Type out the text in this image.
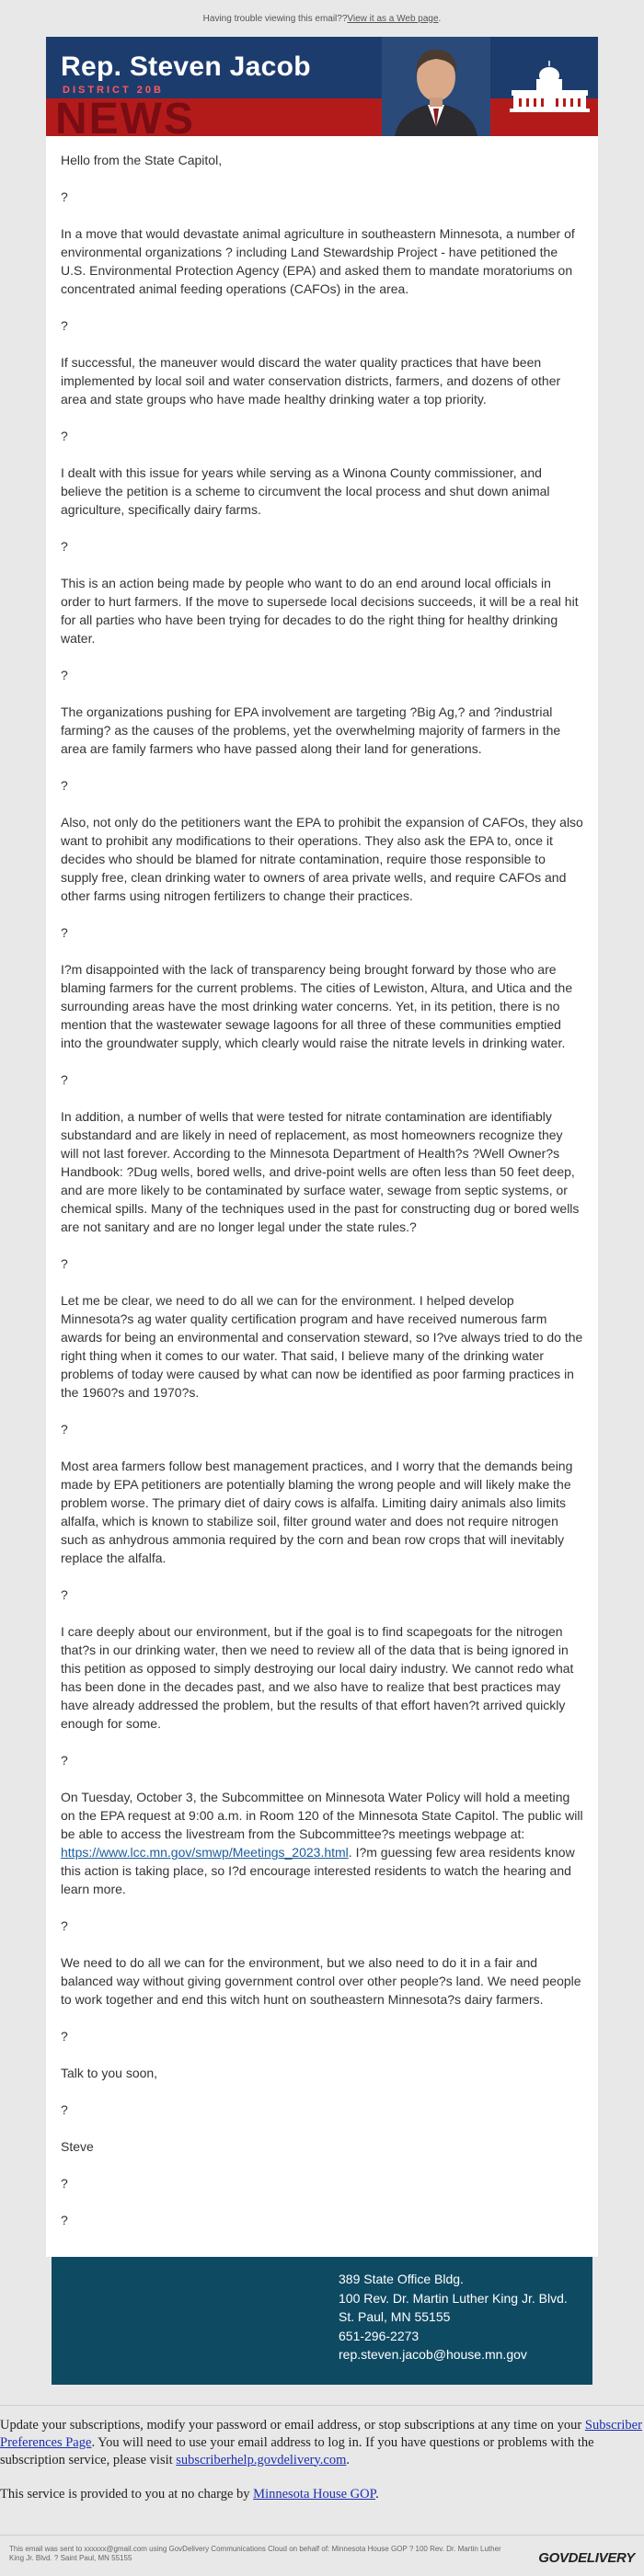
Having trouble viewing this email?? View it as a Web page .
Rep. Steven Jacob
DISTRICT 20B
NEWS

Hello from the State Capitol,

?

In a move that would devastate animal agriculture in southeastern Minnesota, a number of environmental organizations ? including Land Stewardship Project - have petitioned the U.S. Environmental Protection Agency (EPA) and asked them to mandate moratoriums on concentrated animal feeding operations (CAFOs) in the area.

?

If successful, the maneuver would discard the water quality practices that have been implemented by local soil and water conservation districts, farmers, and dozens of other area and state groups who have made healthy drinking water a top priority.

?

I dealt with this issue for years while serving as a Winona County commissioner, and believe the petition is a scheme to circumvent the local process and shut down animal agriculture, specifically dairy farms.

?

This is an action being made by people who want to do an end around local officials in order to hurt farmers. If the move to supersede local decisions succeeds, it will be a real hit for all parties who have been trying for decades to do the right thing for healthy drinking water.

?

The organizations pushing for EPA involvement are targeting ?Big Ag,? and ?industrial farming? as the causes of the problems, yet the overwhelming majority of farmers in the area are family farmers who have passed along their land for generations.

?

Also, not only do the petitioners want the EPA to prohibit the expansion of CAFOs, they also want to prohibit any modifications to their operations. They also ask the EPA to, once it decides who should be blamed for nitrate contamination, require those responsible to supply free, clean drinking water to owners of area private wells, and require CAFOs and other farms using nitrogen fertilizers to change their practices.

?

I?m disappointed with the lack of transparency being brought forward by those who are blaming farmers for the current problems. The cities of Lewiston, Altura, and Utica and the surrounding areas have the most drinking water concerns. Yet, in its petition, there is no mention that the wastewater sewage lagoons for all three of these communities emptied into the groundwater supply, which clearly would raise the nitrate levels in drinking water.

?

In addition, a number of wells that were tested for nitrate contamination are identifiably substandard and are likely in need of replacement, as most homeowners recognize they will not last forever. According to the Minnesota Department of Health?s ?Well Owner?s Handbook: ?Dug wells, bored wells, and drive-point wells are often less than 50 feet deep, and are more likely to be contaminated by surface water, sewage from septic systems, or chemical spills. Many of the techniques used in the past for constructing dug or bored wells are not sanitary and are no longer legal under the state rules.?

?

Let me be clear, we need to do all we can for the environment. I helped develop Minnesota?s ag water quality certification program and have received numerous farm awards for being an environmental and conservation steward, so I?ve always tried to do the right thing when it comes to our water. That said, I believe many of the drinking water problems of today were caused by what can now be identified as poor farming practices in the 1960?s and 1970?s.

?

Most area farmers follow best management practices, and I worry that the demands being made by EPA petitioners are potentially blaming the wrong people and will likely make the problem worse. The primary diet of dairy cows is alfalfa. Limiting dairy animals also limits alfalfa, which is known to stabilize soil, filter ground water and does not require nitrogen such as anhydrous ammonia required by the corn and bean row crops that will inevitably replace the alfalfa.

?

I care deeply about our environment, but if the goal is to find scapegoats for the nitrogen that?s in our drinking water, then we need to review all of the data that is being ignored in this petition as opposed to simply destroying our local dairy industry. We cannot redo what has been done in the decades past, and we also have to realize that best practices may have already addressed the problem, but the results of that effort haven?t arrived quickly enough for some.

?

On Tuesday, October 3, the Subcommittee on Minnesota Water Policy will hold a meeting on the EPA request at 9:00 a.m. in Room 120 of the Minnesota State Capitol. The public will be able to access the livestream from the Subcommittee?s meetings webpage at: https://www.lcc.mn.gov/smwp/Meetings_2023.html. I?m guessing few area residents know this action is taking place, so I?d encourage interested residents to watch the hearing and learn more.

?

We need to do all we can for the environment, but we also need to do it in a fair and balanced way without giving government control over other people?s land. We need people to work together and end this witch hunt on southeastern Minnesota?s dairy farmers.

?

Talk to you soon,

?

Steve

?

?

389 State Office Bldg.
100 Rev. Dr. Martin Luther King Jr. Blvd.
St. Paul, MN 55155
651-296-2273
rep.steven.jacob@house.mn.gov

Update your subscriptions, modify your password or email address, or stop subscriptions at any time on your Subscriber Preferences Page. You will need to use your email address to log in. If you have questions or problems with the subscription service, please visit subscriberhelp.govdelivery.com.

This service is provided to you at no charge by Minnesota House GOP.

This email was sent to xxxxxx@gmail.com using GovDelivery Communications Cloud on behalf of: Minnesota House GOP ? 100 Rev. Dr. Martin Luther King Jr. Blvd. ? Saint Paul, MN 55155	GOVDELIVERY
